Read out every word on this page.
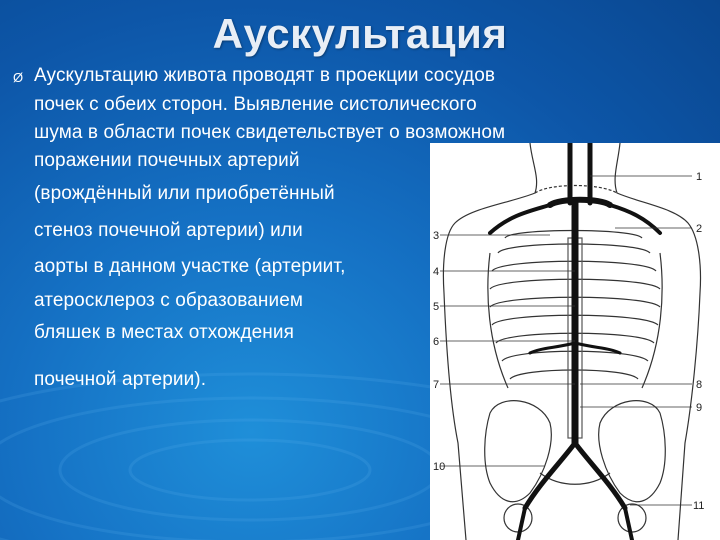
Аускультация
Ø Аускультацию живота проводят в проекции сосудов
почек с обеих сторон. Выявление систолического
шума в области почек свидетельствует о возможном
поражении почечных артерий
(врождённый или приобретённый
стеноз почечной артерии) или
аорты в данном участке (артериит,
атеросклероз с образованием
бляшек в местах отхождения
почечной артерии).
1
2
3
4
5
6
7	8
9
10
11
